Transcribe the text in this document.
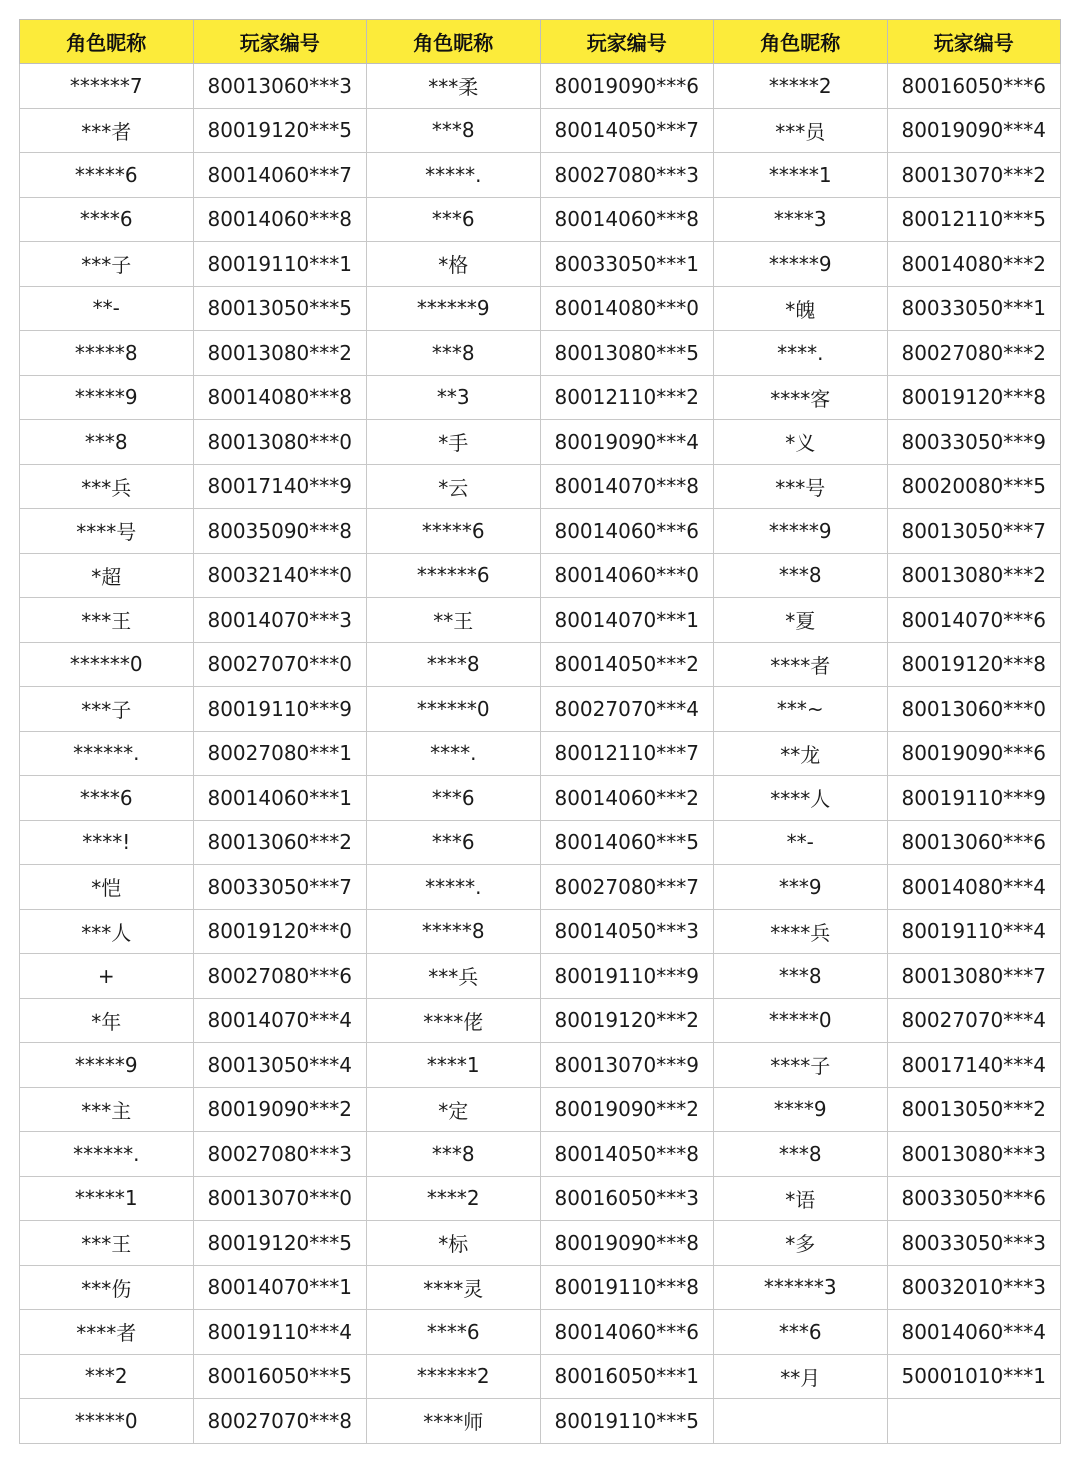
角色昵称	玩家编号	角色昵称	玩家编号	角色昵称	玩家编号
******7	80013060***3	***柔	80019090***6	*****2	80016050***6
***者	80019120***5	***8	80014050***7	***员	80019090***4
*****6	80014060***7	*****.	80027080***3	*****1	80013070***2
****6	80014060***8	***6	80014060***8	****3	80012110***5
***子	80019110***1	*格	80033050***1	*****9	80014080***2
**-	80013050***5	******9	80014080***0	*魄	80033050***1
*****8	80013080***2	***8	80013080***5	****.	80027080***2
*****9	80014080***8	**3	80012110***2	****客	80019120***8
***8	80013080***0	*手	80019090***4	*义	80033050***9
***兵	80017140***9	*云	80014070***8	***号	80020080***5
****号	80035090***8	*****6	80014060***6	*****9	80013050***7
*超	80032140***0	******6	80014060***0	***8	80013080***2
***王	80014070***3	**王	80014070***1	*夏	80014070***6
******0	80027070***0	****8	80014050***2	****者	80019120***8
***子	80019110***9	******0	80027070***4	***~	80013060***0
******.	80027080***1	****.	80012110***7	**龙	80019090***6
****6	80014060***1	***6	80014060***2	****人	80019110***9
****!	80013060***2	***6	80014060***5	**-	80013060***6
*恺	80033050***7	*****.	80027080***7	***9	80014080***4
***人	80019120***0	*****8	80014050***3	****兵	80019110***4
+	80027080***6	***兵	80019110***9	***8	80013080***7
*年	80014070***4	****佬	80019120***2	*****0	80027070***4
*****9	80013050***4	****1	80013070***9	****子	80017140***4
***主	80019090***2	*定	80019090***2	****9	80013050***2
******.	80027080***3	***8	80014050***8	***8	80013080***3
*****1	80013070***0	****2	80016050***3	*语	80033050***6
***王	80019120***5	*标	80019090***8	*多	80033050***3
***伤	80014070***1	****灵	80019110***8	******3	80032010***3
****者	80019110***4	****6	80014060***6	***6	80014060***4
***2	80016050***5	******2	80016050***1	**月	50001010***1
*****0	80027070***8	****师	80019110***5		
